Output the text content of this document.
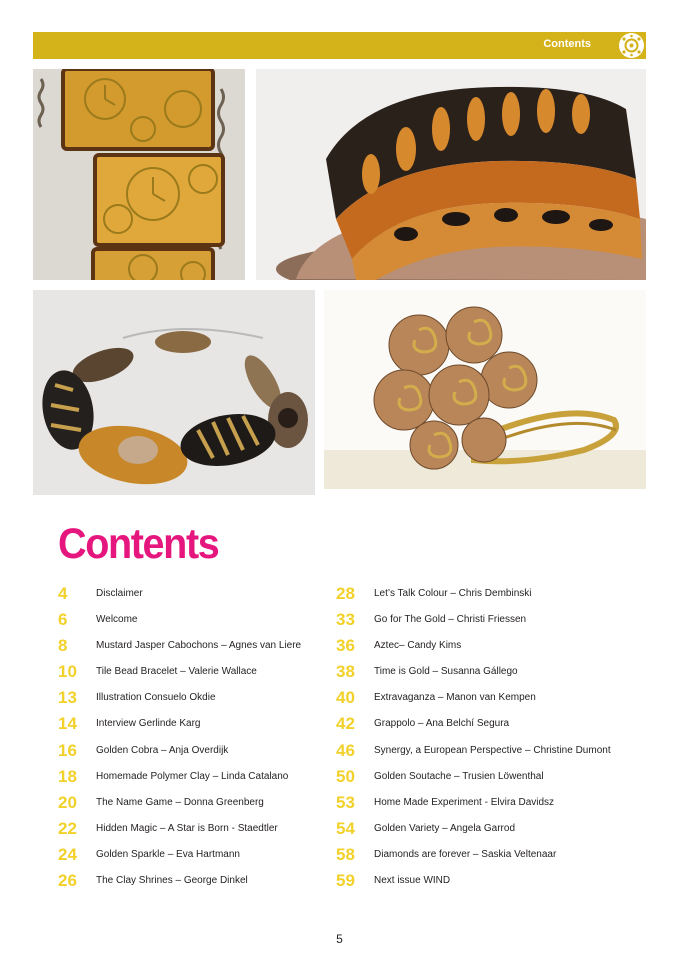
Contents
Contents
4	Disclaimer
6	Welcome
8	Mustard Jasper Cabochons – Agnes van Liere
10	Tile Bead Bracelet – Valerie Wallace
13	Illustration Consuelo Okdie
14	Interview Gerlinde Karg
16	Golden Cobra – Anja Overdijk
18	Homemade Polymer Clay – Linda Catalano
20	The Name Game – Donna Greenberg
22	Hidden Magic – A Star is Born - Staedtler
24	Golden Sparkle – Eva Hartmann
26	The Clay Shrines – George Dinkel
28	Let’s Talk Colour – Chris Dembinski
33	Go for The Gold – Christi Friessen
36	Aztec– Candy Kims
38	Time is Gold – Susanna Gállego
40	Extravaganza – Manon van Kempen
42	Grappolo – Ana Belchí Segura
46	Synergy, a European Perspective – Christine Dumont
50	Golden Soutache – Trusien Löwenthal
53	Home Made Experiment - Elvira Davidsz
54	Golden Variety – Angela Garrod
58	Diamonds are forever – Saskia Veltenaar
59	Next issue WIND
5
